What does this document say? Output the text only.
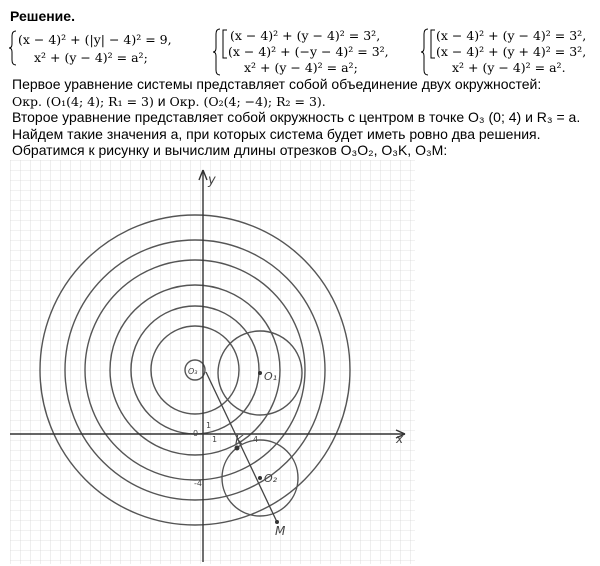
Решение.
(x − 4)² + (|y| − 4)² = 9,
x² + (y − 4)² = a²;
(x − 4)² + (y − 4)² = 3²,
(x − 4)² + (−y − 4)² = 3²,
x² + (y − 4)² = a²;
(x − 4)² + (y − 4)² = 3²,
(x − 4)² + (y + 4)² = 3²,
x² + (y − 4)² = a².
Первое уравнение системы представляет собой объединение двух окружностей:
Окр. (O₁(4; 4); R₁ = 3) и Окр. (O₂(4; −4); R₂ = 3).
Второе уравнение представляет собой окружность с центром в точке O₃ (0; 4) и R₃ = a.
Найдем такие значения a, при которых система будет иметь ровно два решения.
Обратимся к рисунку и вычислим длины отрезков O₃O₂, O₃K, O₃M:
x
y
0
1
1
4
-4
O₁
O₂
O₃
K
M
